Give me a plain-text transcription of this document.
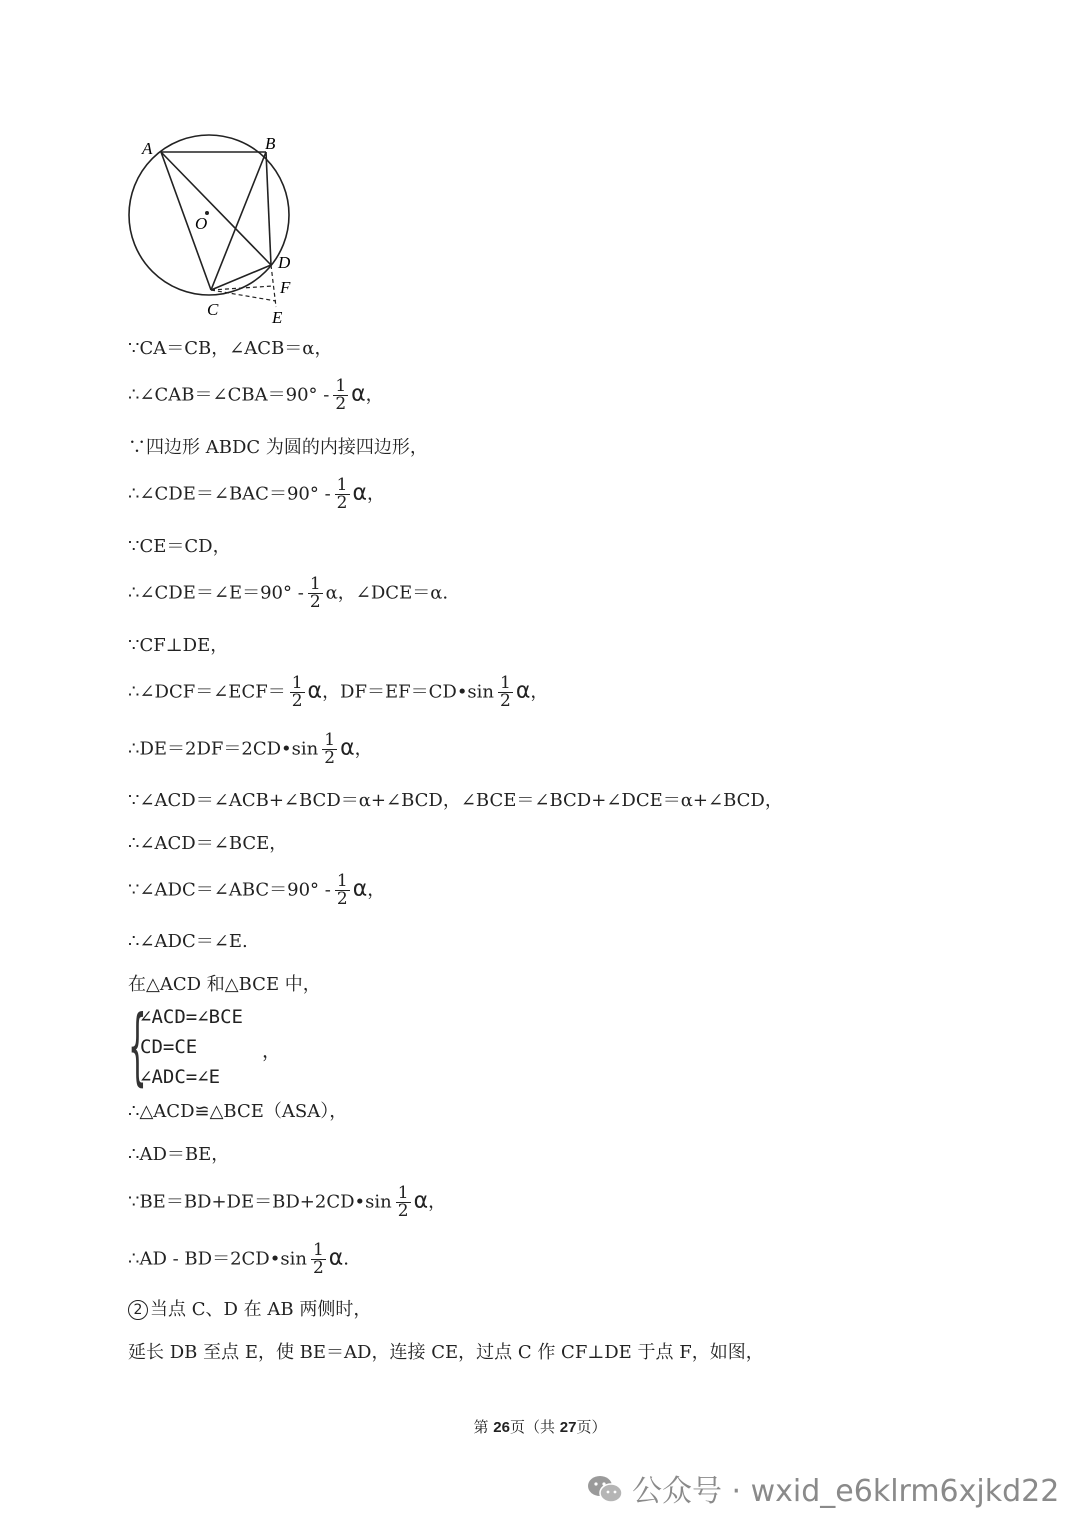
A	B
O
D
F
C	E
∵CA＝CB，∠ACB＝α，
∴∠CAB＝∠CBA＝90° - $\frac{1}{2}$ α，
∵四边形 ABDC 为圆的内接四边形，
∴∠CDE＝∠BAC＝90° - $\frac{1}{2}$ α，
∵CE＝CD，
∴∠CDE＝∠E＝90° - $\frac{1}{2}$ α，∠DCE＝α.
∵CF⊥DE，
∴∠DCF＝∠ECF＝ $\frac{1}{2}$ α，DF＝EF＝CD•sin $\frac{1}{2}$ α，
∴DE＝2DF＝2CD•sin $\frac{1}{2}$ α，
∵∠ACD＝∠ACB+∠BCD＝α+∠BCD，∠BCE＝∠BCD+∠DCE＝α+∠BCD，
∴∠ACD＝∠BCE，
∵∠ADC＝∠ABC＝90° - $\frac{1}{2}$ α，
∴∠ADC＝∠E.
在△ACD 和△BCE 中，
{
∠ACD=∠BCE
CD=CE
∠ADC=∠E
，
∴△ACD≌△BCE（ASA），
∴AD＝BE，
∵BE＝BD+DE＝BD+2CD•sin $\frac{1}{2}$ α，
∴AD - BD＝2CD•sin $\frac{1}{2} \alpha$.
2 当点 C、D 在 AB 两侧时，
延长 DB 至点 E，使 BE＝AD，连接 CE，过点 C 作 CF⊥DE 于点 F，如图，
第 26页（共 27页）
公众号 · wxid_e6klrm6xjkd22
